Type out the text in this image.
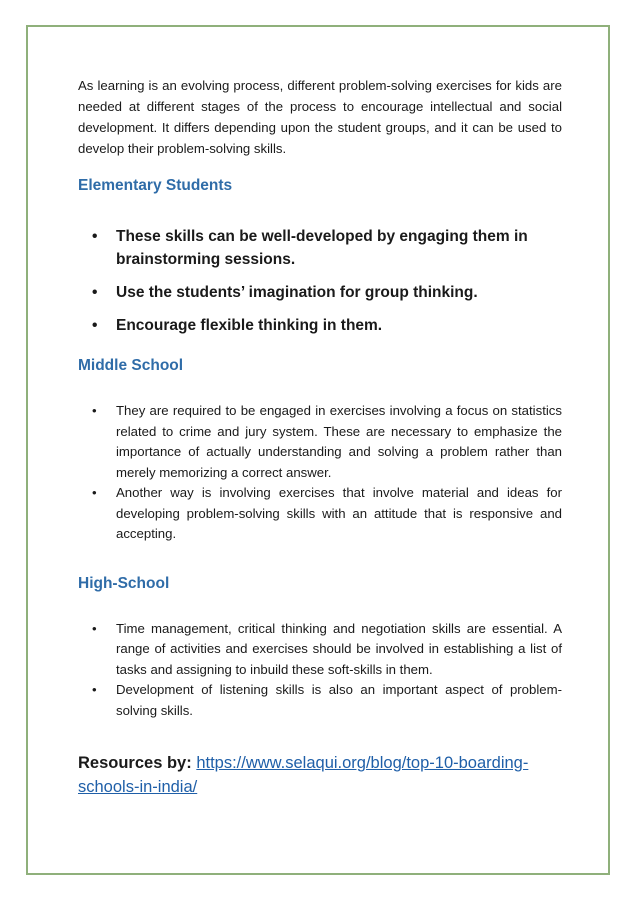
As learning is an evolving process, different problem-solving exercises for kids are needed at different stages of the process to encourage intellectual and social development. It differs depending upon the student groups, and it can be used to develop their problem-solving skills.

Elementary Students
• These skills can be well-developed by engaging them in brainstorming sessions.
• Use the students’ imagination for group thinking.
• Encourage flexible thinking in them.
Middle School
• They are required to be engaged in exercises involving a focus on statistics related to crime and jury system. These are necessary to emphasize the importance of actually understanding and solving a problem rather than merely memorizing a correct answer.
• Another way is involving exercises that involve material and ideas for developing problem-solving skills with an attitude that is responsive and accepting.
High-School
• Time management, critical thinking and negotiation skills are essential. A range of activities and exercises should be involved in establishing a list of tasks and assigning to inbuild these soft-skills in them.
• Development of listening skills is also an important aspect of problem-solving skills.

Resources by: https://www.selaqui.org/blog/top-10-boarding-schools-in-india/
